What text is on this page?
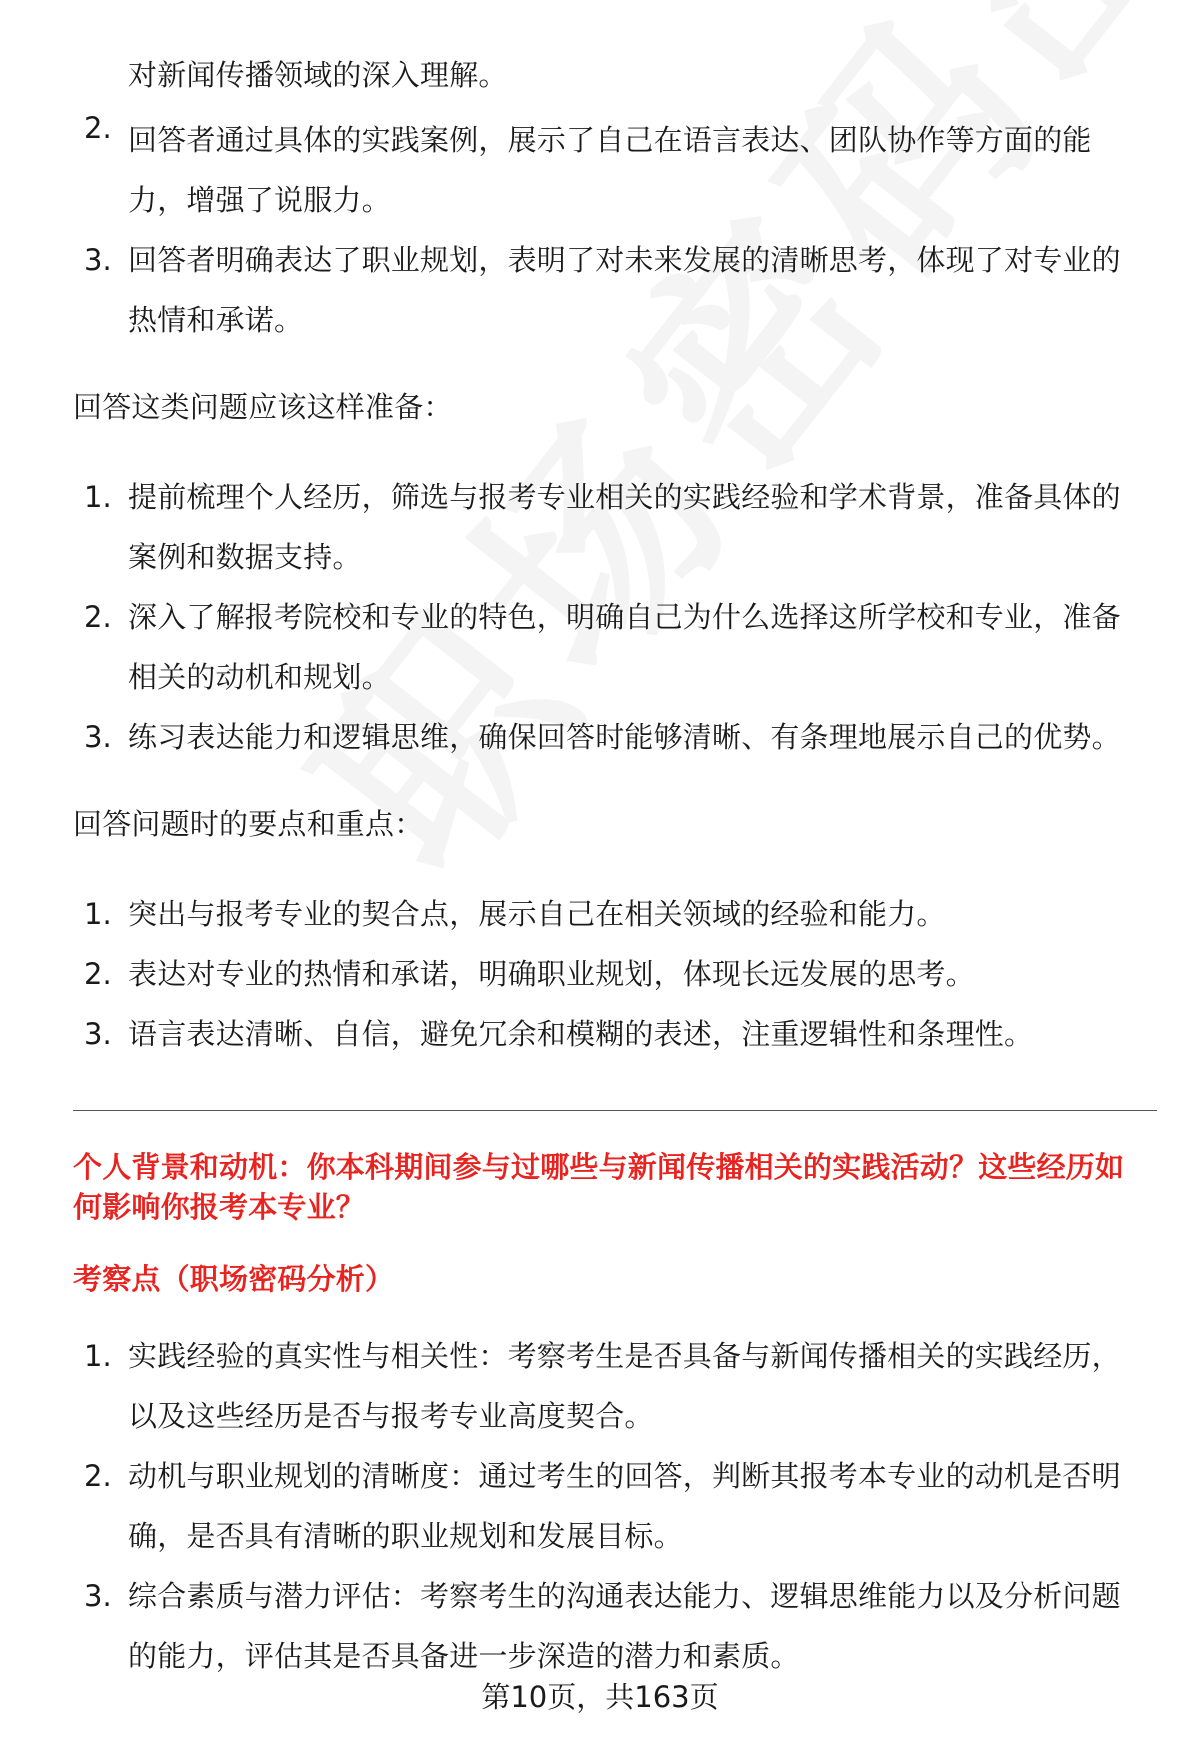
对新闻传播领域的深入理解。
2. 回答者通过具体的实践案例，展示了自己在语言表达、团队协作等方面的能
力，增强了说服力。
3. 回答者明确表达了职业规划，表明了对未来发展的清晰思考，体现了对专业的
热情和承诺。
回答这类问题应该这样准备：
1. 提前梳理个人经历，筛选与报考专业相关的实践经验和学术背景，准备具体的
案例和数据支持。
2. 深入了解报考院校和专业的特色，明确自己为什么选择这所学校和专业，准备
相关的动机和规划。
3. 练习表达能力和逻辑思维，确保回答时能够清晰、有条理地展示自己的优势。
回答问题时的要点和重点：
1. 突出与报考专业的契合点，展示自己在相关领域的经验和能力。
2. 表达对专业的热情和承诺，明确职业规划，体现长远发展的思考。
3. 语言表达清晰、自信，避免冗余和模糊的表述，注重逻辑性和条理性。
个人背景和动机：你本科期间参与过哪些与新闻传播相关的实践活动？这些经历如
何影响你报考本专业？
考察点（职场密码分析）
1. 实践经验的真实性与相关性：考察考生是否具备与新闻传播相关的实践经历，
以及这些经历是否与报考专业高度契合。
2. 动机与职业规划的清晰度：通过考生的回答，判断其报考本专业的动机是否明
确，是否具有清晰的职业规划和发展目标。
3. 综合素质与潜力评估：考察考生的沟通表达能力、逻辑思维能力以及分析问题
的能力，评估其是否具备进一步深造的潜力和素质。
第10页，共163页
